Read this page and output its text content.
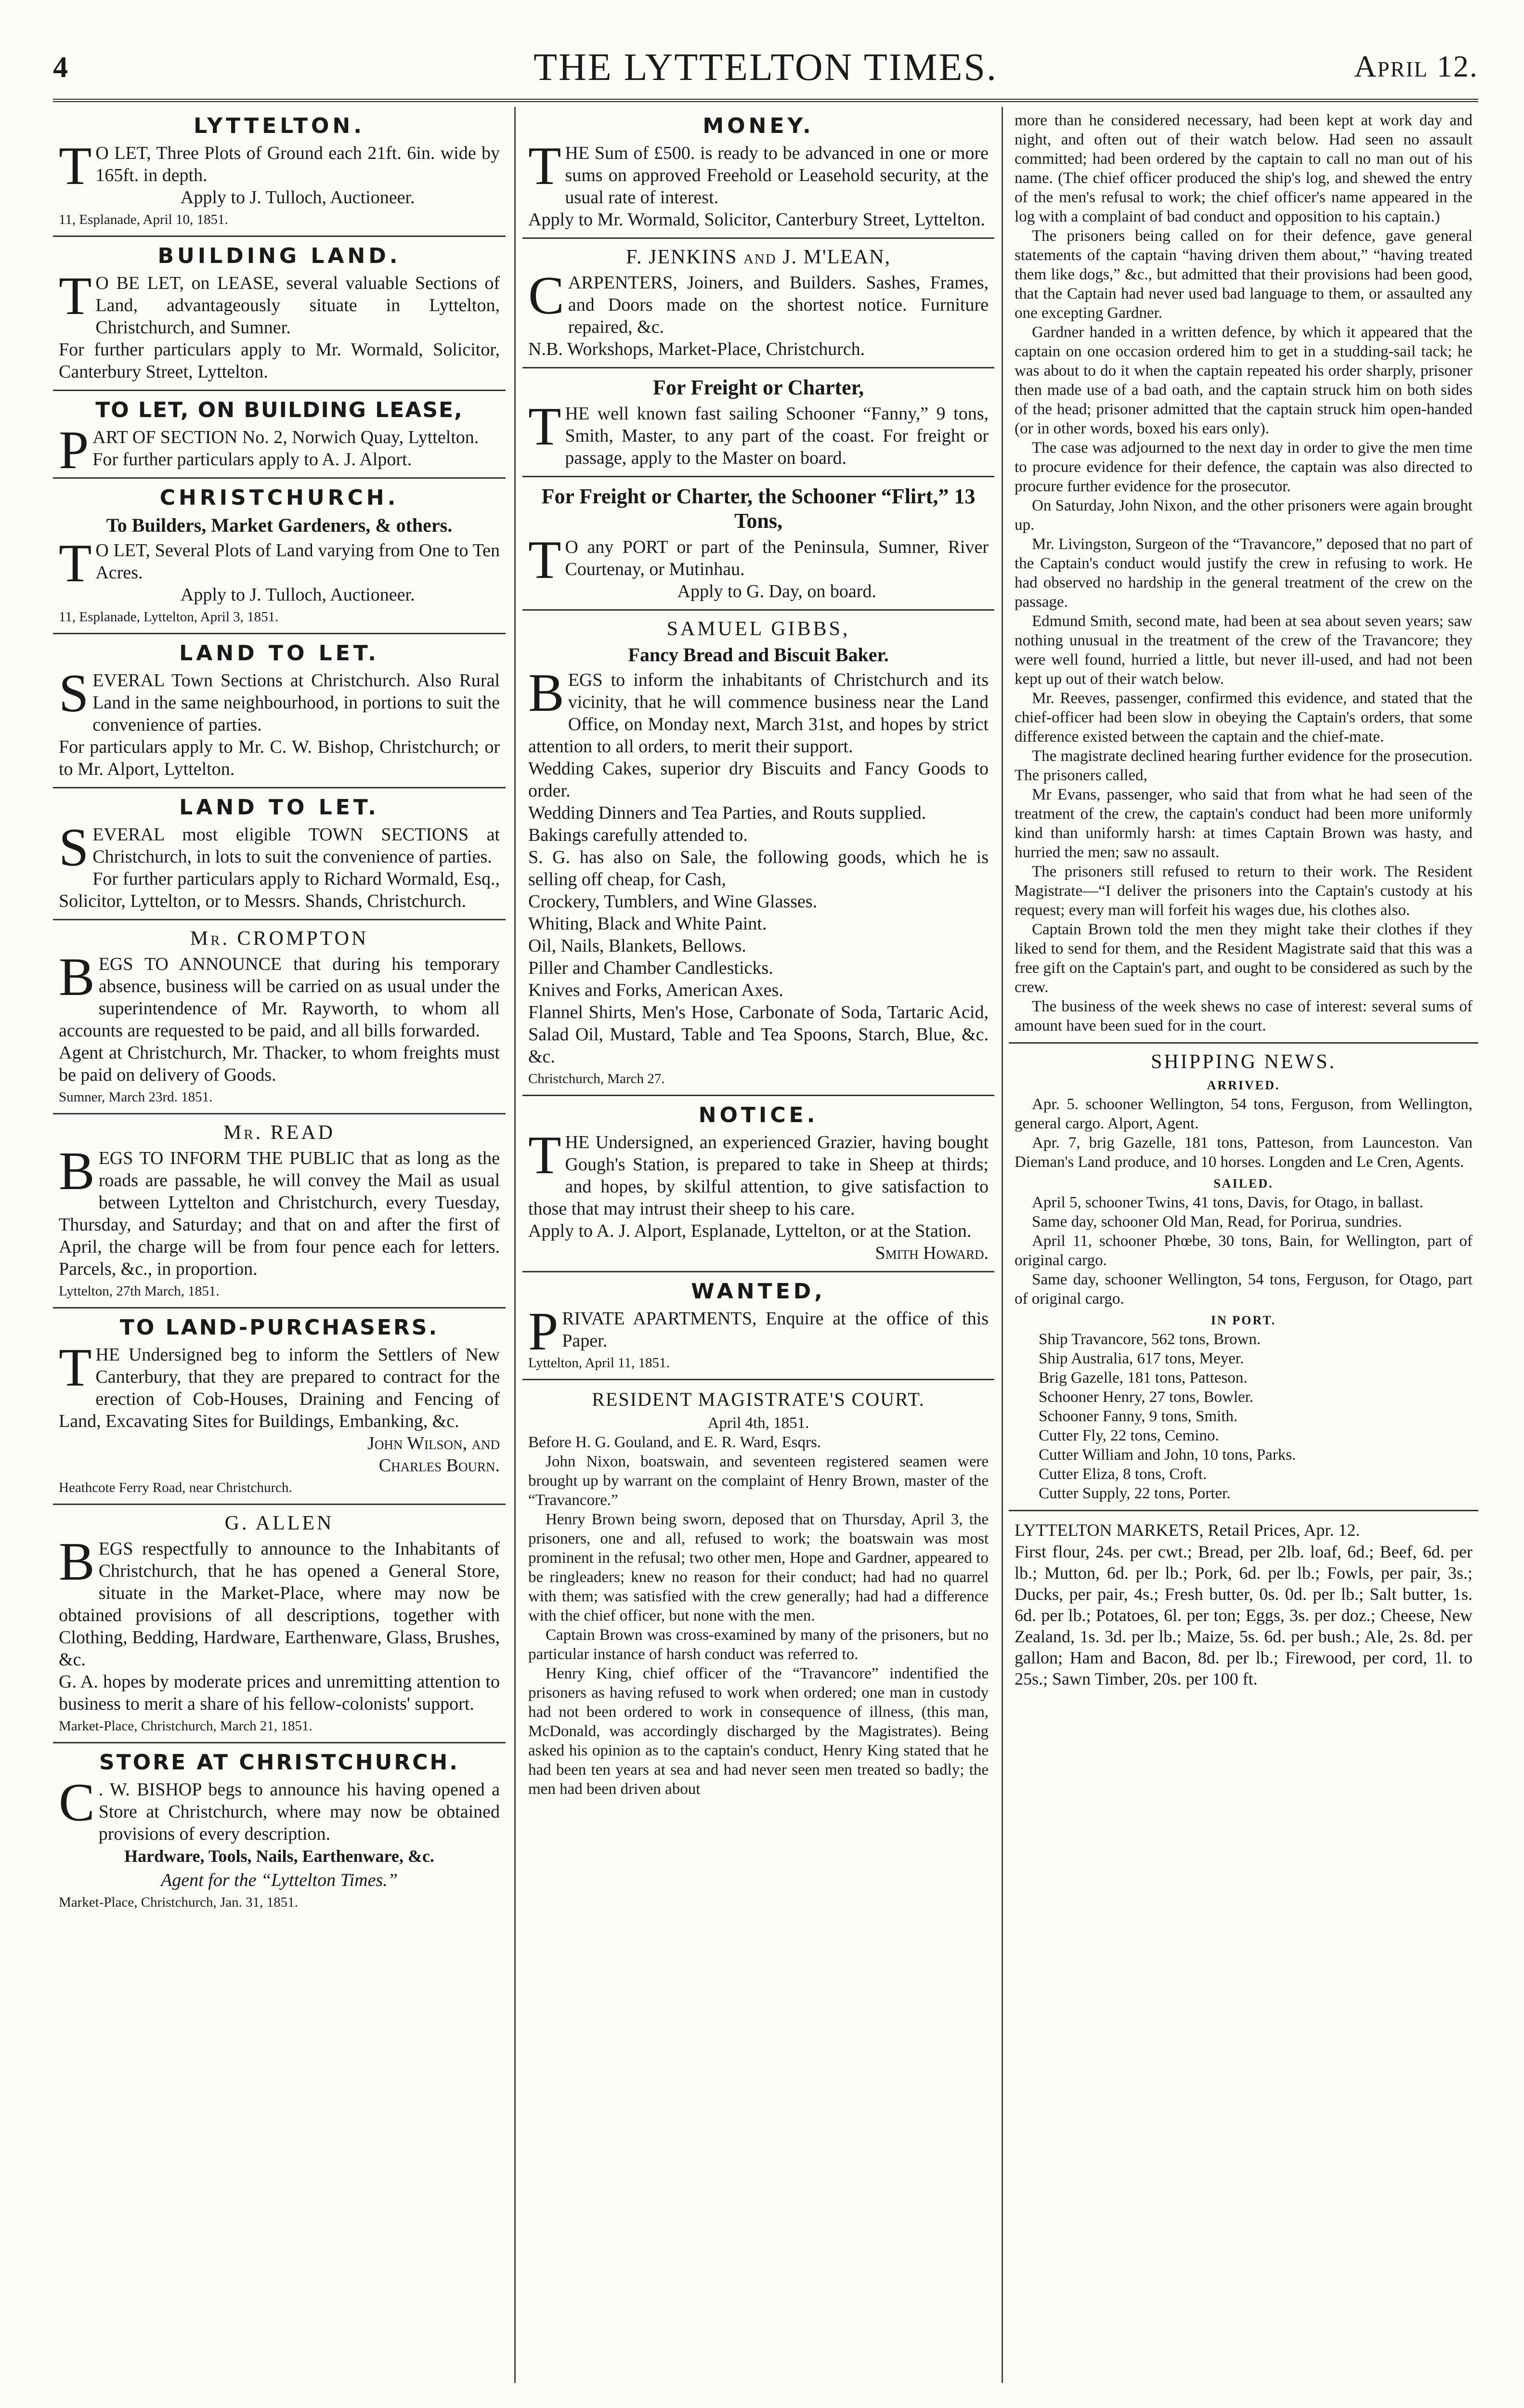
4	THE LYTTELTON TIMES.	April 12.
LYTTELTON.

T O LET, Three Plots of Ground each 21ft. 6in. wide by 165ft. in depth.

Apply to J. Tulloch, Auctioneer.

11, Esplanade, April 10, 1851.

BUILDING LAND.

T O BE LET, on LEASE, several valuable Sections of Land, advantageously situate in Lyttelton, Christchurch, and Sumner.

For further particulars apply to Mr. Wormald, Solicitor, Canterbury Street, Lyttelton.

TO LET, ON BUILDING LEASE,

PART OF SECTION No. 2, Norwich Quay, Lyttelton.

For further particulars apply to A. J. Alport.

CHRISTCHURCH.
To Builders, Market Gardeners, & others.

T O LET, Several Plots of Land varying from One to Ten Acres.

Apply to J. Tulloch, Auctioneer.

11, Esplanade, Lyttelton, April 3, 1851.

LAND TO LET.

SEVERAL Town Sections at Christchurch. Also Rural Land in the same neighbourhood, in portions to suit the convenience of parties.

For particulars apply to Mr. C. W. Bishop, Christchurch; or to Mr. Alport, Lyttelton.

LAND TO LET.

SEVERAL most eligible TOWN SECTIONS at Christchurch, in lots to suit the convenience of parties.

For further particulars apply to Richard Wormald, Esq., Solicitor, Lyttelton, or to Messrs. Shands, Christchurch.

Mr. CROMPTON

BEGS TO ANNOUNCE that during his temporary absence, business will be carried on as usual under the superintendence of Mr. Rayworth, to whom all accounts are requested to be paid, and all bills forwarded.

Agent at Christchurch, Mr. Thacker, to whom freights must be paid on delivery of Goods.

Sumner, March 23rd. 1851.

Mr. READ

BEGS TO INFORM THE PUBLIC that as long as the roads are passable, he will convey the Mail as usual between Lyttelton and Christchurch, every Tuesday, Thursday, and Saturday; and that on and after the first of April, the charge will be from four pence each for letters. Parcels, &c., in proportion.

Lyttelton, 27th March, 1851.

TO LAND-PURCHASERS.

THE Undersigned beg to inform the Settlers of New Canterbury, that they are prepared to contract for the erection of Cob-Houses, Draining and Fencing of Land, Excavating Sites for Buildings, Embanking, &c.

John Wilson, and

Charles Bourn.

Heathcote Ferry Road, near Christchurch.

G. ALLEN

BEGS respectfully to announce to the Inhabitants of Christchurch, that he has opened a General Store, situate in the Market-Place, where may now be obtained provisions of all descriptions, together with Clothing, Bedding, Hardware, Earthenware, Glass, Brushes, &c.

G. A. hopes by moderate prices and unremitting attention to business to merit a share of his fellow-colonists' support.

Market-Place, Christchurch, March 21, 1851.

STORE AT CHRISTCHURCH.

C . W. BISHOP begs to announce his having opened a Store at Christchurch, where may now be obtained provisions of every description.

Hardware, Tools, Nails, Earthenware, &c.

Agent for the “Lyttelton Times.”

Market-Place, Christchurch, Jan. 31, 1851.

MONEY.

THE Sum of £500. is ready to be advanced in one or more sums on approved Freehold or Leasehold security, at the usual rate of interest.

Apply to Mr. Wormald, Solicitor, Canterbury Street, Lyttelton.

F. JENKINS and J. M'LEAN,

CARPENTERS, Joiners, and Builders. Sashes, Frames, and Doors made on the shortest notice. Furniture repaired, &c.

N.B. Workshops, Market-Place, Christchurch.

For Freight or Charter,

THE well known fast sailing Schooner “Fanny,” 9 tons, Smith, Master, to any part of the coast. For freight or passage, apply to the Master on board.

For Freight or Charter, the Schooner “Flirt,” 13 Tons,

T O any PORT or part of the Peninsula, Sumner, River Courtenay, or Mutinhau.

Apply to G. Day, on board.

SAMUEL GIBBS,
Fancy Bread and Biscuit Baker.

BEGS to inform the inhabitants of Christchurch and its vicinity, that he will commence business near the Land Office, on Monday next, March 31st, and hopes by strict attention to all orders, to merit their support.

Wedding Cakes, superior dry Biscuits and Fancy Goods to order.

Wedding Dinners and Tea Parties, and Routs supplied.

Bakings carefully attended to.

S. G. has also on Sale, the following goods, which he is selling off cheap, for Cash,

Crockery, Tumblers, and Wine Glasses.

Whiting, Black and White Paint.

Oil, Nails, Blankets, Bellows.

Piller and Chamber Candlesticks.

Knives and Forks, American Axes.

Flannel Shirts, Men's Hose, Carbonate of Soda, Tartaric Acid, Salad Oil, Mustard, Table and Tea Spoons, Starch, Blue, &c. &c.

Christchurch, March 27.

NOTICE.

THE Undersigned, an experienced Grazier, having bought Gough's Station, is prepared to take in Sheep at thirds; and hopes, by skilful attention, to give satisfaction to those that may intrust their sheep to his care.

Apply to A. J. Alport, Esplanade, Lyttelton, or at the Station.

Smith Howard.

WANTED,

PRIVATE APARTMENTS, Enquire at the office of this Paper.

Lyttelton, April 11, 1851.

RESIDENT MAGISTRATE'S COURT.

April 4th, 1851.

Before H. G. Gouland, and E. R. Ward, Esqrs.

John Nixon, boatswain, and seventeen registered seamen were brought up by warrant on the complaint of Henry Brown, master of the “Travancore.”

Henry Brown being sworn, deposed that on Thursday, April 3, the prisoners, one and all, refused to work; the boatswain was most prominent in the refusal; two other men, Hope and Gardner, appeared to be ringleaders; knew no reason for their conduct; had had no quarrel with them; was satisfied with the crew generally; had had a difference with the chief officer, but none with the men.

Captain Brown was cross-examined by many of the prisoners, but no particular instance of harsh conduct was referred to.

Henry King, chief officer of the “Travancore” indentified the prisoners as having refused to work when ordered; one man in custody had not been ordered to work in consequence of illness, (this man, McDonald, was accordingly discharged by the Magistrates). Being asked his opinion as to the captain's conduct, Henry King stated that he had been ten years at sea and had never seen men treated so badly; the men had been driven about

more than he considered necessary, had been kept at work day and night, and often out of their watch below. Had seen no assault committed; had been ordered by the captain to call no man out of his name. (The chief officer produced the ship's log, and shewed the entry of the men's refusal to work; the chief officer's name appeared in the log with a complaint of bad conduct and opposition to his captain.)

The prisoners being called on for their defence, gave general statements of the captain “having driven them about,” “having treated them like dogs,” &c., but admitted that their provisions had been good, that the Captain had never used bad language to them, or assaulted any one excepting Gardner.

Gardner handed in a written defence, by which it appeared that the captain on one occasion ordered him to get in a studding-sail tack; he was about to do it when the captain repeated his order sharply, prisoner then made use of a bad oath, and the captain struck him on both sides of the head; prisoner admitted that the captain struck him open-handed (or in other words, boxed his ears only).

The case was adjourned to the next day in order to give the men time to procure evidence for their defence, the captain was also directed to procure further evidence for the prosecutor.

On Saturday, John Nixon, and the other prisoners were again brought up.

Mr. Livingston, Surgeon of the “Travancore,” deposed that no part of the Captain's conduct would justify the crew in refusing to work. He had observed no hardship in the general treatment of the crew on the passage.

Edmund Smith, second mate, had been at sea about seven years; saw nothing unusual in the treatment of the crew of the Travancore; they were well found, hurried a little, but never ill-used, and had not been kept up out of their watch below.

Mr. Reeves, passenger, confirmed this evidence, and stated that the chief-officer had been slow in obeying the Captain's orders, that some difference existed between the captain and the chief-mate.

The magistrate declined hearing further evidence for the prosecution. The prisoners called,

Mr Evans, passenger, who said that from what he had seen of the treatment of the crew, the captain's conduct had been more uniformly kind than uniformly harsh: at times Captain Brown was hasty, and hurried the men; saw no assault.

The prisoners still refused to return to their work. The Resident Magistrate—“I deliver the prisoners into the Captain's custody at his request; every man will forfeit his wages due, his clothes also.

Captain Brown told the men they might take their clothes if they liked to send for them, and the Resident Magistrate said that this was a free gift on the Captain's part, and ought to be considered as such by the crew.

The business of the week shews no case of interest: several sums of amount have been sued for in the court.

SHIPPING NEWS.
ARRIVED.

Apr. 5. schooner Wellington, 54 tons, Ferguson, from Wellington, general cargo. Alport, Agent.

Apr. 7, brig Gazelle, 181 tons, Patteson, from Launceston. Van Dieman's Land produce, and 10 horses. Longden and Le Cren, Agents.

SAILED.

April 5, schooner Twins, 41 tons, Davis, for Otago, in ballast.

Same day, schooner Old Man, Read, for Porirua, sundries.

April 11, schooner Phœbe, 30 tons, Bain, for Wellington, part of original cargo.

Same day, schooner Wellington, 54 tons, Ferguson, for Otago, part of original cargo.

IN PORT.

Ship Travancore, 562 tons, Brown.

Ship Australia, 617 tons, Meyer.

Brig Gazelle, 181 tons, Patteson.

Schooner Henry, 27 tons, Bowler.

Schooner Fanny, 9 tons, Smith.

Cutter Fly, 22 tons, Cemino.

Cutter William and John, 10 tons, Parks.

Cutter Eliza, 8 tons, Croft.

Cutter Supply, 22 tons, Porter.

LYTTELTON MARKETS, Retail Prices, Apr. 12.

First flour, 24s. per cwt.; Bread, per 2lb. loaf, 6d.; Beef, 6d. per lb.; Mutton, 6d. per lb.; Pork, 6d. per lb.; Fowls, per pair, 3s.; Ducks, per pair, 4s.; Fresh butter, 0s. 0d. per lb.; Salt butter, 1s. 6d. per lb.; Potatoes, 6l. per ton; Eggs, 3s. per doz.; Cheese, New Zealand, 1s. 3d. per lb.; Maize, 5s. 6d. per bush.; Ale, 2s. 8d. per gallon; Ham and Bacon, 8d. per lb.; Firewood, per cord, 1l. to 25s.; Sawn Timber, 20s. per 100 ft.
